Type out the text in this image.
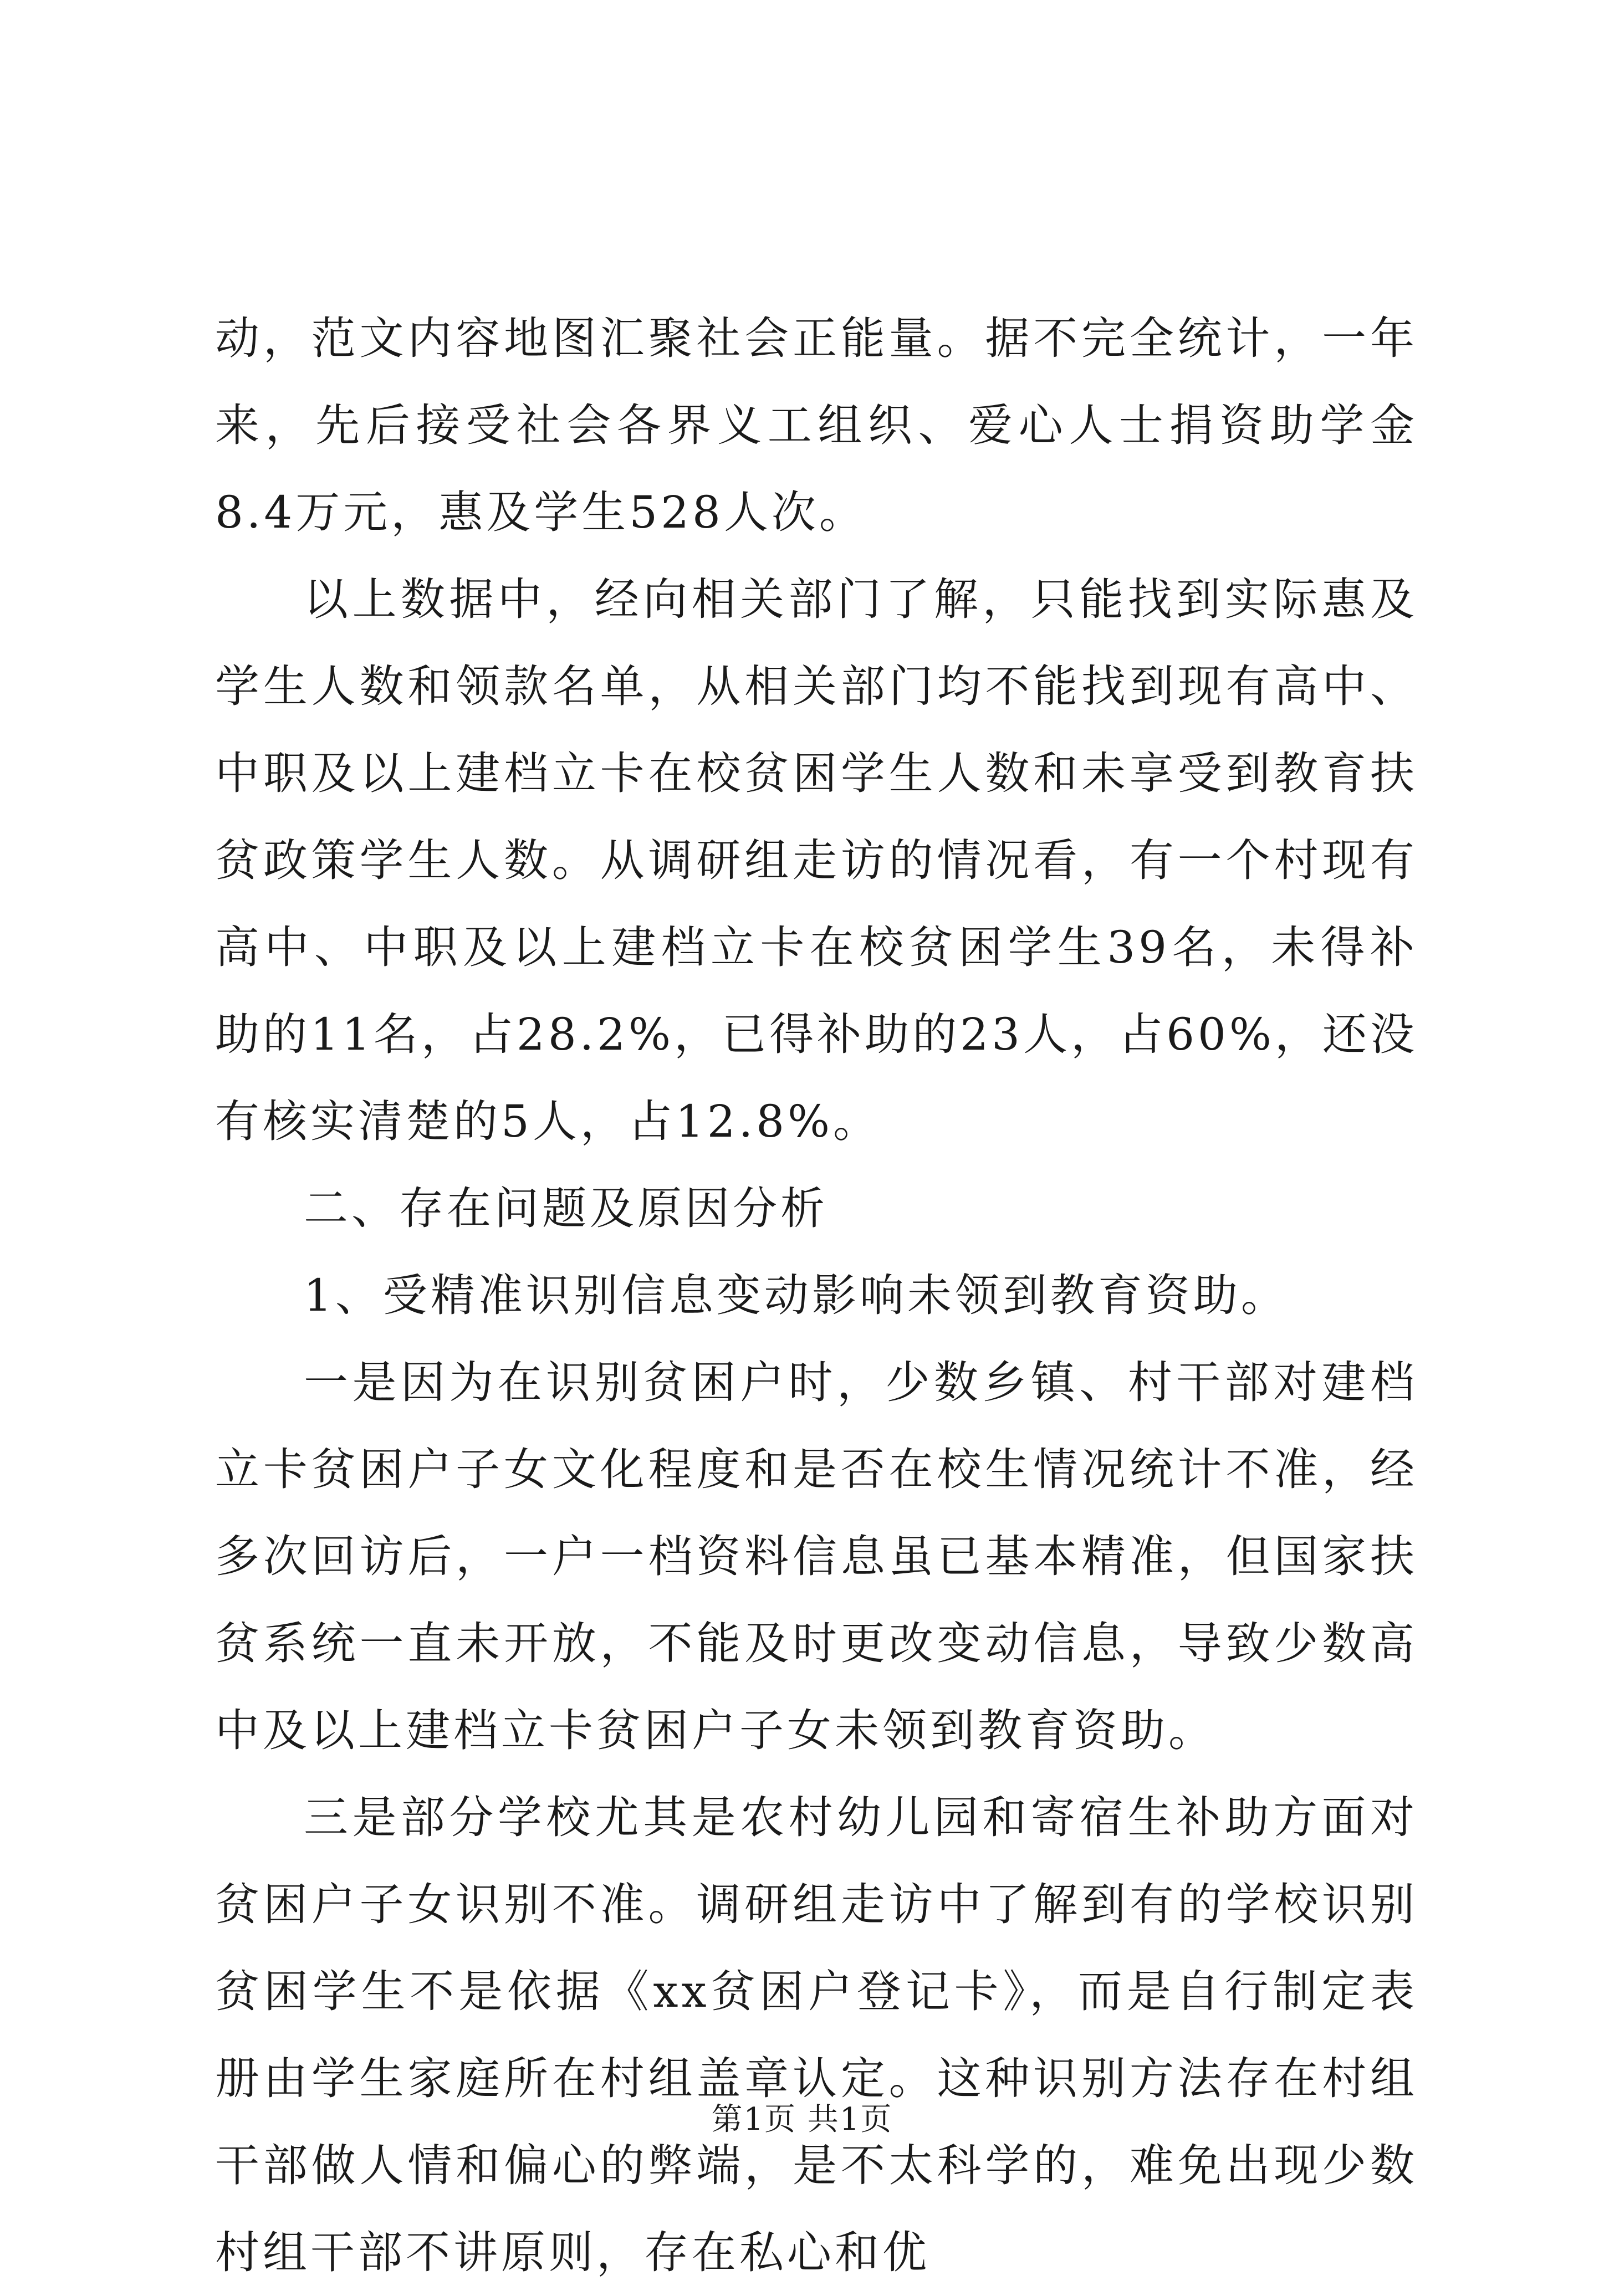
动，范文内容地图汇聚社会正能量。据不完全统计，一年来，先后接受社会各界义工组织、爱心人士捐资助学金8.4万元，惠及学生528人次。

以上数据中，经向相关部门了解，只能找到实际惠及学生人数和领款名单，从相关部门均不能找到现有高中、中职及以上建档立卡在校贫困学生人数和未享受到教育扶贫政策学生人数。从调研组走访的情况看，有一个村现有高中、中职及以上建档立卡在校贫困学生39名，未得补助的11名，占28.2%，已得补助的23人，占60%，还没有核实清楚的5人，占12.8%。

二、存在问题及原因分析

1、受精准识别信息变动影响未领到教育资助。

一是因为在识别贫困户时，少数乡镇、村干部对建档立卡贫困户子女文化程度和是否在校生情况统计不准，经多次回访后，一户一档资料信息虽已基本精准，但国家扶贫系统一直未开放，不能及时更改变动信息，导致少数高中及以上建档立卡贫困户子女未领到教育资助。

三是部分学校尤其是农村幼儿园和寄宿生补助方面对贫困户子女识别不准。调研组走访中了解到有的学校识别贫困学生不是依据《xx贫困户登记卡》，而是自行制定表册由学生家庭所在村组盖章认定。这种识别方法存在村组干部做人情和偏心的弊端，是不太科学的，难免出现少数村组干部不讲原则，存在私心和优

第1页 共1页
